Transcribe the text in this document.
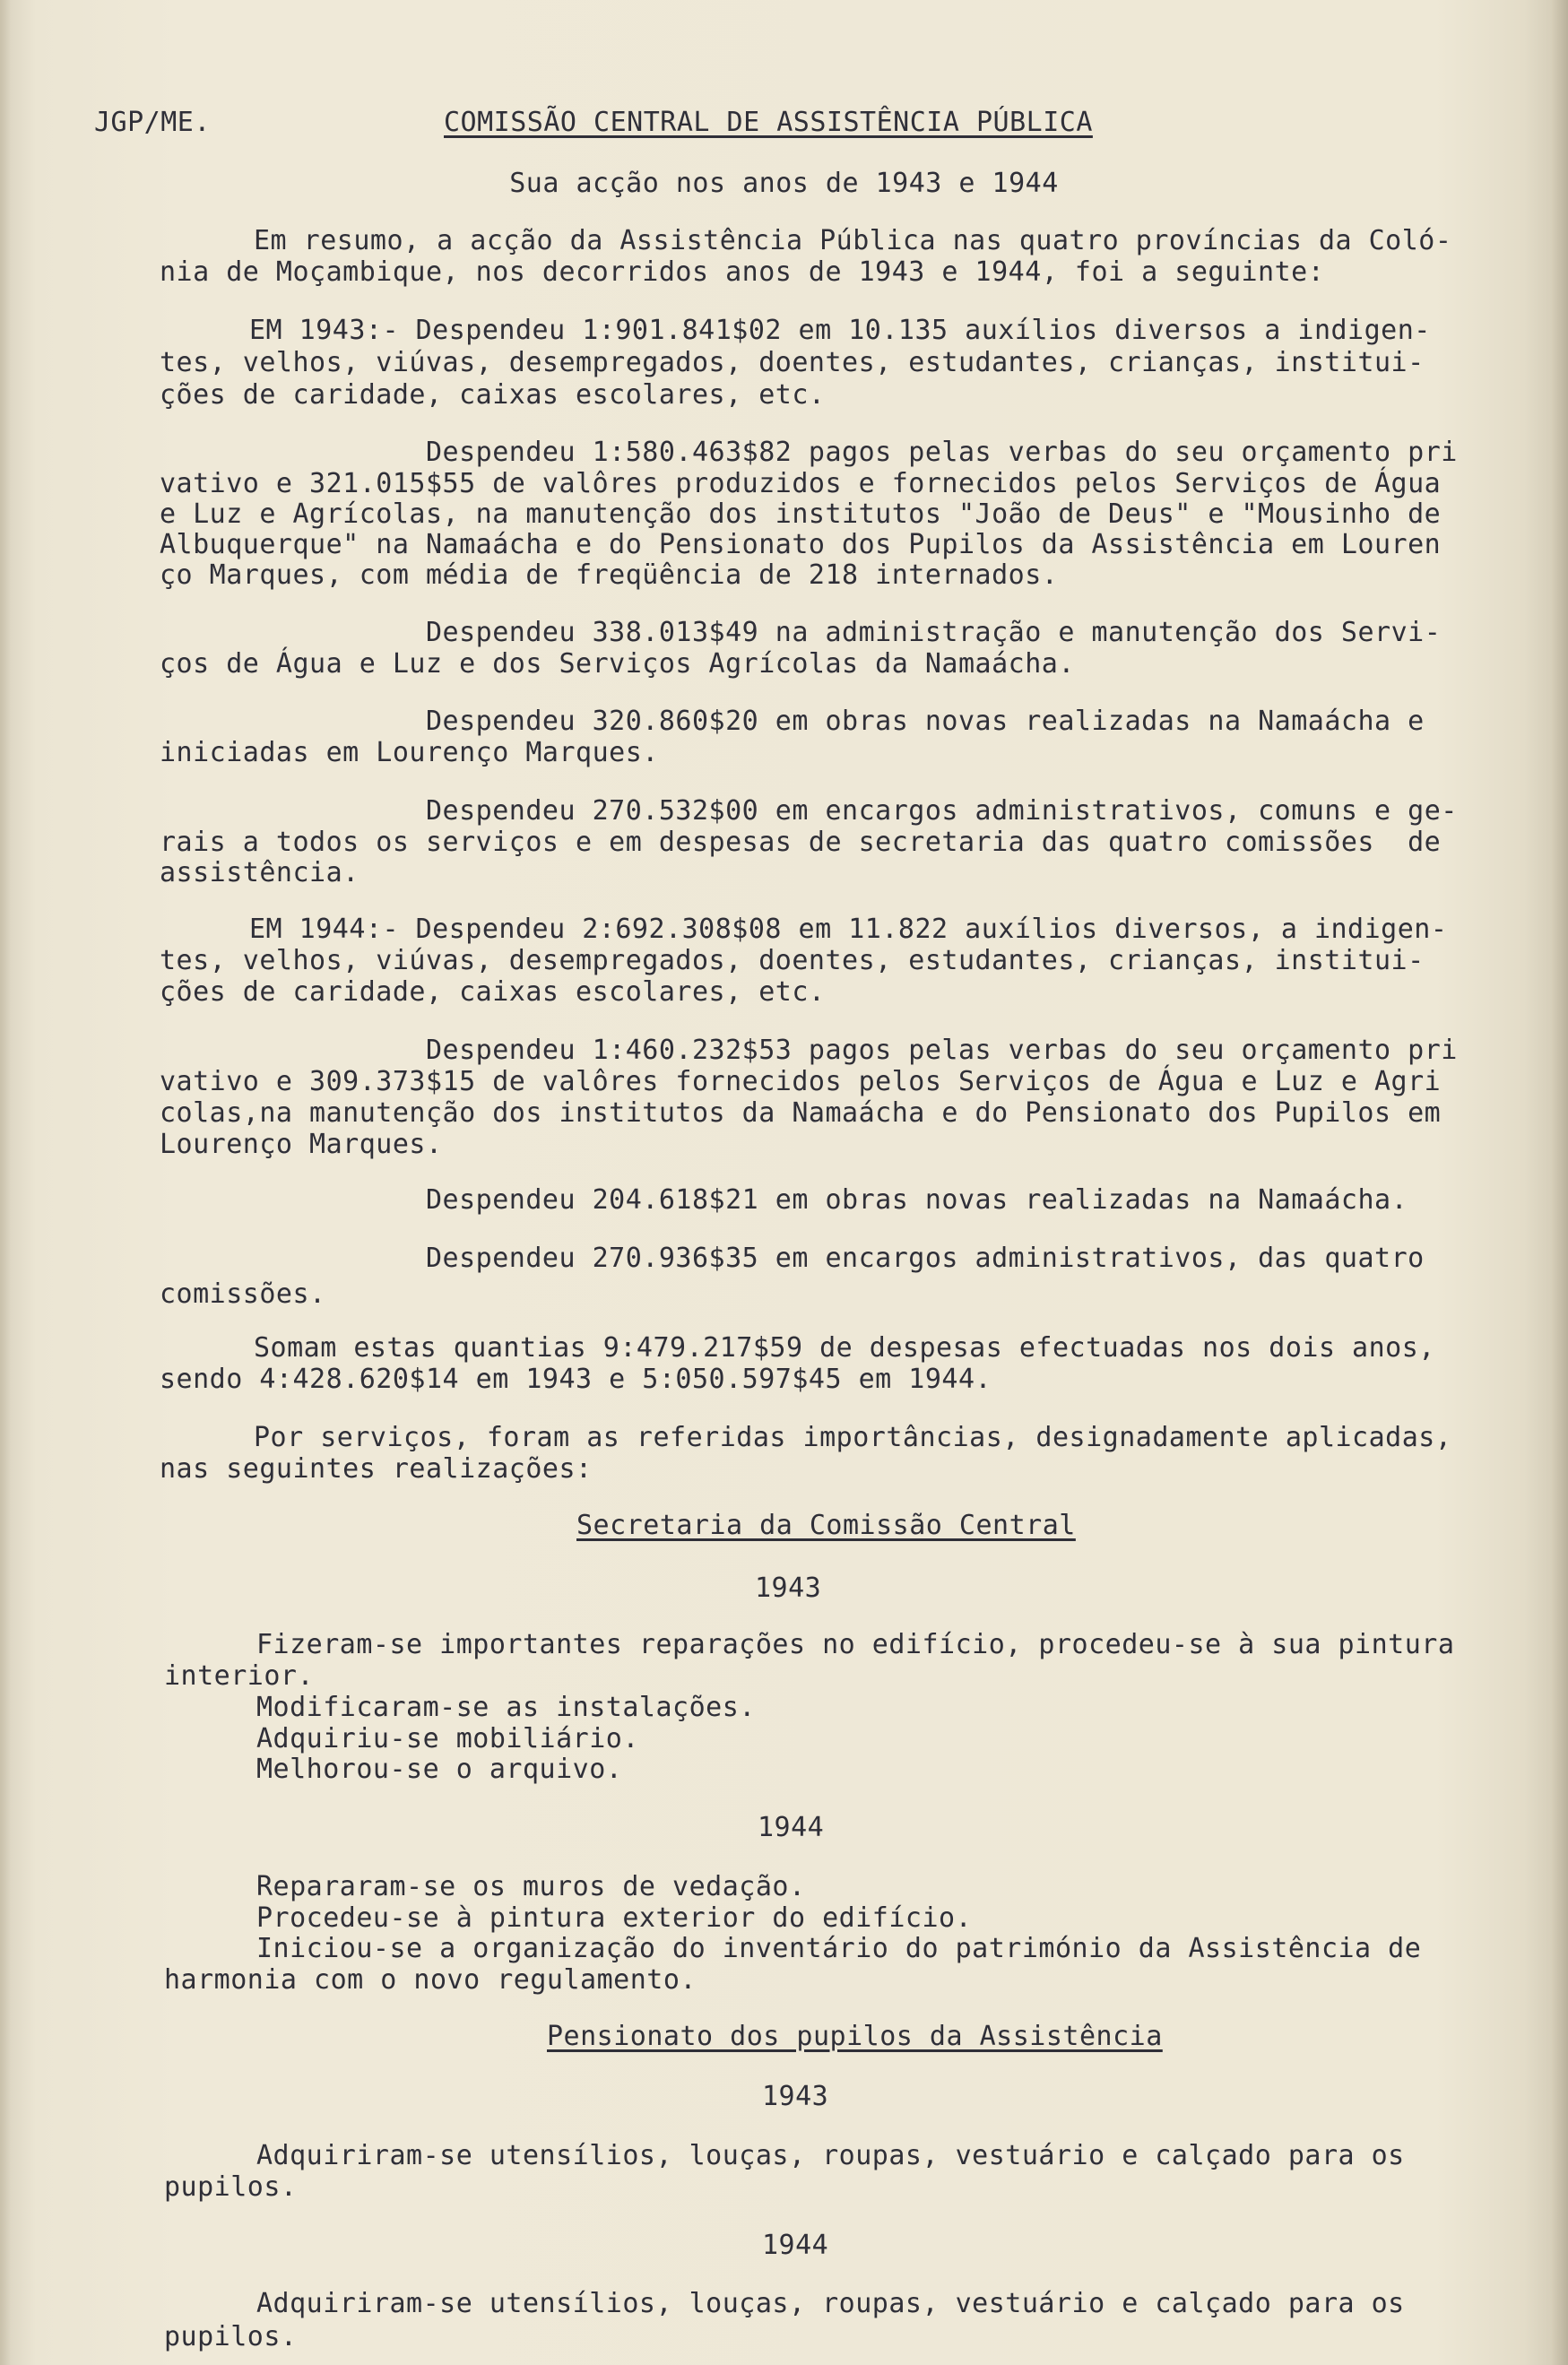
JGP/ME.	COMISSÃO CENTRAL DE ASSISTÊNCIA PÚBLICA
Sua acção nos anos de 1943 e 1944
Em resumo, a acção da Assistência Pública nas quatro províncias da Coló-
nia de Moçambique, nos decorridos anos de 1943 e 1944, foi a seguinte:
EM 1943:- Despendeu 1:901.841$02 em 10.135 auxílios diversos a indigen-
tes, velhos, viúvas, desempregados, doentes, estudantes, crianças, institui-
ções de caridade, caixas escolares, etc.
Despendeu 1:580.463$82 pagos pelas verbas do seu orçamento pri
vativo e 321.015$55 de valôres produzidos e fornecidos pelos Serviços de Água
e Luz e Agrícolas, na manutenção dos institutos "João de Deus" e "Mousinho de
Albuquerque" na Namaácha e do Pensionato dos Pupilos da Assistência em Louren
ço Marques, com média de freqüência de 218 internados.
Despendeu 338.013$49 na administração e manutenção dos Servi-
ços de Água e Luz e dos Serviços Agrícolas da Namaácha.
Despendeu 320.860$20 em obras novas realizadas na Namaácha e
iniciadas em Lourenço Marques.
Despendeu 270.532$00 em encargos administrativos, comuns e ge-
rais a todos os serviços e em despesas de secretaria das quatro comissões  de
assistência.
EM 1944:- Despendeu 2:692.308$08 em 11.822 auxílios diversos, a indigen-
tes, velhos, viúvas, desempregados, doentes, estudantes, crianças, institui-
ções de caridade, caixas escolares, etc.
Despendeu 1:460.232$53 pagos pelas verbas do seu orçamento pri
vativo e 309.373$15 de valôres fornecidos pelos Serviços de Água e Luz e Agri
colas,na manutenção dos institutos da Namaácha e do Pensionato dos Pupilos em
Lourenço Marques.
Despendeu 204.618$21 em obras novas realizadas na Namaácha.
Despendeu 270.936$35 em encargos administrativos, das quatro
comissões.
Somam estas quantias 9:479.217$59 de despesas efectuadas nos dois anos,
sendo 4:428.620$14 em 1943 e 5:050.597$45 em 1944.
Por serviços, foram as referidas importâncias, designadamente aplicadas,
nas seguintes realizações:
Secretaria da Comissão Central
1943
Fizeram-se importantes reparações no edifício, procedeu-se à sua pintura
interior.
Modificaram-se as instalações.
Adquiriu-se mobiliário.
Melhorou-se o arquivo.
1944
Repararam-se os muros de vedação.
Procedeu-se à pintura exterior do edifício.
Iniciou-se a organização do inventário do património da Assistência de
harmonia com o novo regulamento.
Pensionato dos pupilos da Assistência
1943
Adquiriram-se utensílios, louças, roupas, vestuário e calçado para os
pupilos.
1944
Adquiriram-se utensílios, louças, roupas, vestuário e calçado para os
pupilos.
